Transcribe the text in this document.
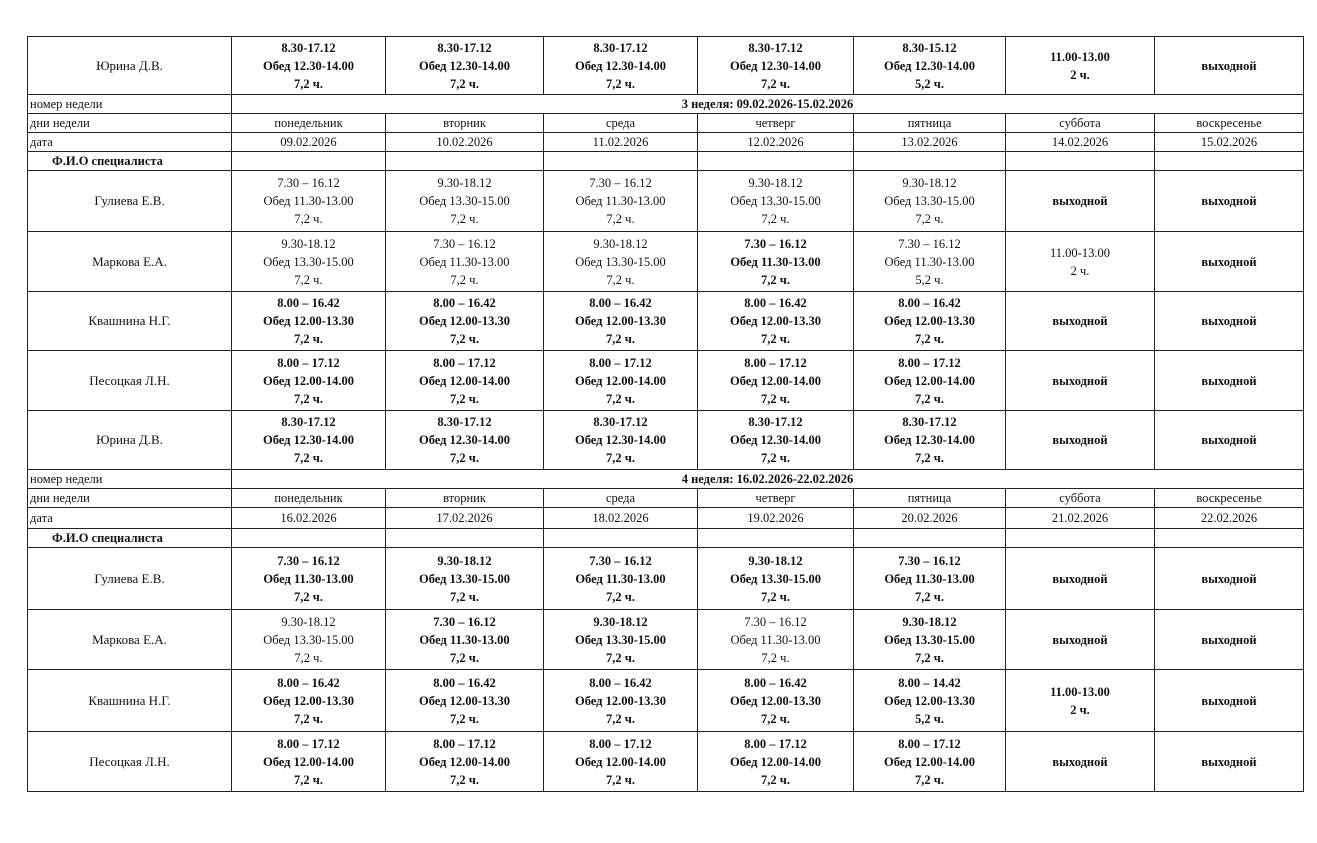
Юрина Д.В.	8.30-17.12
Обед 12.30-14.00
7,2 ч.	8.30-17.12
Обед 12.30-14.00
7,2 ч.	8.30-17.12
Обед 12.30-14.00
7,2 ч.	8.30-17.12
Обед 12.30-14.00
7,2 ч.	8.30-15.12
Обед 12.30-14.00
5,2 ч.	11.00-13.00
2 ч.	выходной

номер недели	3 неделя: 09.02.2026-15.02.2026						
дни недели	понедельник	вторник	среда	четверг	пятница	суббота	воскресенье
дата	09.02.2026	10.02.2026	11.02.2026	12.02.2026	13.02.2026	14.02.2026	15.02.2026
Ф.И.О специалиста							
Гулиева Е.В.	7.30 – 16.12
Обед 11.30-13.00
7,2 ч.	9.30-18.12
Обед 13.30-15.00
7,2 ч.	7.30 – 16.12
Обед 11.30-13.00
7,2 ч.	9.30-18.12
Обед 13.30-15.00
7,2 ч.	9.30-18.12
Обед 13.30-15.00
7,2 ч.	выходной	выходной

Маркова Е.А.	9.30-18.12
Обед 13.30-15.00
7,2 ч.	7.30 – 16.12
Обед 11.30-13.00
7,2 ч.	9.30-18.12
Обед 13.30-15.00
7,2 ч.	7.30 – 16.12
Обед 11.30-13.00
7,2 ч.	7.30 – 16.12
Обед 11.30-13.00
5,2 ч.	11.00-13.00
2 ч.	выходной

Квашнина Н.Г.	8.00 – 16.42
Обед 12.00-13.30
7,2 ч.	8.00 – 16.42
Обед 12.00-13.30
7,2 ч.	8.00 – 16.42
Обед 12.00-13.30
7,2 ч.	8.00 – 16.42
Обед 12.00-13.30
7,2 ч.	8.00 – 16.42
Обед 12.00-13.30
7,2 ч.	выходной	выходной

Песоцкая Л.Н.	8.00 – 17.12
Обед 12.00-14.00
7,2 ч.	8.00 – 17.12
Обед 12.00-14.00
7,2 ч.	8.00 – 17.12
Обед 12.00-14.00
7,2 ч.	8.00 – 17.12
Обед 12.00-14.00
7,2 ч.	8.00 – 17.12
Обед 12.00-14.00
7,2 ч.	выходной	выходной

Юрина Д.В.	8.30-17.12
Обед 12.30-14.00
7,2 ч.	8.30-17.12
Обед 12.30-14.00
7,2 ч.	8.30-17.12
Обед 12.30-14.00
7,2 ч.	8.30-17.12
Обед 12.30-14.00
7,2 ч.	8.30-17.12
Обед 12.30-14.00
7,2 ч.	выходной	выходной

номер недели	4 неделя: 16.02.2026-22.02.2026						
дни недели	понедельник	вторник	среда	четверг	пятница	суббота	воскресенье
дата	16.02.2026	17.02.2026	18.02.2026	19.02.2026	20.02.2026	21.02.2026	22.02.2026
Ф.И.О специалиста							
Гулиева Е.В.	7.30 – 16.12
Обед 11.30-13.00
7,2 ч.	9.30-18.12
Обед 13.30-15.00
7,2 ч.	7.30 – 16.12
Обед 11.30-13.00
7,2 ч.	9.30-18.12
Обед 13.30-15.00
7,2 ч.	7.30 – 16.12
Обед 11.30-13.00
7,2 ч.	выходной	выходной

Маркова Е.А.	9.30-18.12
Обед 13.30-15.00
7,2 ч.	7.30 – 16.12
Обед 11.30-13.00
7,2 ч.	9.30-18.12
Обед 13.30-15.00
7,2 ч.	7.30 – 16.12
Обед 11.30-13.00
7,2 ч.	9.30-18.12
Обед 13.30-15.00
7,2 ч.	выходной	выходной

Квашнина Н.Г.	8.00 – 16.42
Обед 12.00-13.30
7,2 ч.	8.00 – 16.42
Обед 12.00-13.30
7,2 ч.	8.00 – 16.42
Обед 12.00-13.30
7,2 ч.	8.00 – 16.42
Обед 12.00-13.30
7,2 ч.	8.00 – 14.42
Обед 12.00-13.30
5,2 ч.	11.00-13.00
2 ч.	выходной

Песоцкая Л.Н.	8.00 – 17.12
Обед 12.00-14.00
7,2 ч.	8.00 – 17.12
Обед 12.00-14.00
7,2 ч.	8.00 – 17.12
Обед 12.00-14.00
7,2 ч.	8.00 – 17.12
Обед 12.00-14.00
7,2 ч.	8.00 – 17.12
Обед 12.00-14.00
7,2 ч.	выходной	выходной
